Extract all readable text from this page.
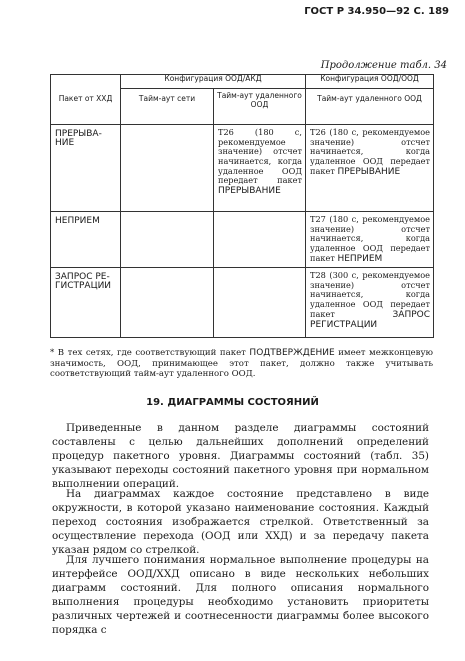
ГОСТ Р 34.950—92 С. 189
Продолжение табл. 34
Пакет от ХХД	Конфигурация ООД/АКД		Конфигурация ООД/ООД
	Тайм-аут сети	Тайм-аут удаленного ООД	Тайм-аут удаленного ООД
ПРЕРЫВА-НИЕ		T26 (180 с, рекомендуемое значение) отсчет начинается, когда удаленное ООД передает пакет ПРЕРЫВАНИЕ	T26 (180 с, рекомендуемое значение) отсчет начинается, когда удаленное ООД передает пакет ПРЕРЫВАНИЕ
НЕПРИЕМ			T27 (180 с, рекомендуемое значение) отсчет начинается, когда удаленное ООД передает пакет НЕПРИЕМ
ЗАПРОС РЕ-ГИСТРАЦИИ			T28 (300 с, рекомендуемое значение) отсчет начинается, когда удаленное ООД передает пакет ЗАПРОС РЕГИСТРАЦИИ
* В тех сетях, где соответствующий пакет ПОДТВЕРЖДЕНИЕ имеет межконцевую значимость, ООД, принимающее этот пакет, должно также учитывать соответствующий тайм-аут удаленного ООД.
19. ДИАГРАММЫ СОСТОЯНИЙ

Приведенные в данном разделе диаграммы состояний составлены с целью дальнейших дополнений определений процедур пакетного уровня. Диаграммы состояний (табл. 35) указывают переходы состояний пакетного уровня при нормальном выполнении операций.

На диаграммах каждое состояние представлено в виде окружности, в которой указано наименование состояния. Каждый переход состояния изображается стрелкой. Ответственный за осуществление перехода (ООД или ХХД) и за передачу пакета указан рядом со стрелкой.

Для лучшего понимания нормальное выполнение процедуры на интерфейсе ООД/ХХД описано в виде нескольких небольших диаграмм состояний. Для полного описания нормального выполнения процедуры необходимо установить приоритеты различных чертежей и соотнесенности диаграммы более высокого порядка с
